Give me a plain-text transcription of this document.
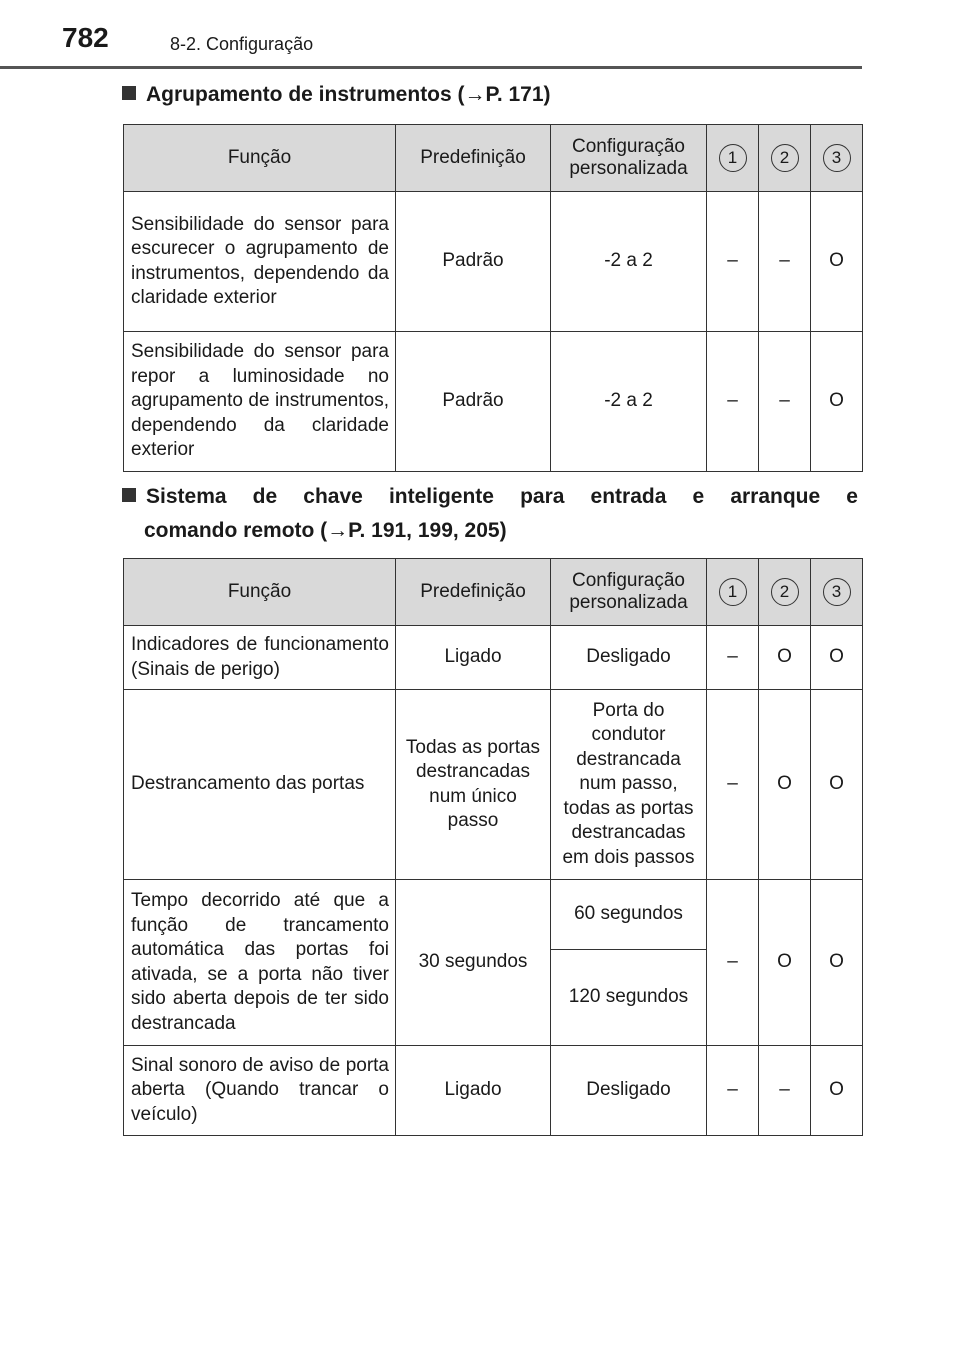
782	8-2. Configuração
Agrupamento de instrumentos (→P. 171)
Função	Predefinição	Configuração personalizada	1	2	3
Sensibilidade do sensor para escurecer o agrupamento de instrumentos, dependendo da claridade exterior	Padrão	-2 a 2	–	–	O
Sensibilidade do sensor para repor a luminosidade no agrupamento de instrumentos, dependendo da claridade exterior	Padrão	-2 a 2	–	–	O
Sistema de chave inteligente para entrada e arranque e
comando remoto (→P. 191, 199, 205)
Função	Predefinição	Configuração personalizada	1	2	3
Indicadores de funcionamento (Sinais de perigo)	Ligado	Desligado	–	O	O
Destrancamento das portas	Todas as portas destrancadas num único passo	Porta do condutor destrancada num passo, todas as portas destrancadas em dois passos	–	O	O
Tempo decorrido até que a função de trancamento automática das portas foi ativada, se a porta não tiver sido aberta depois de ter sido destrancada	30 segundos	60 segundos	–	O	O
		120 segundos			
Sinal sonoro de aviso de porta aberta (Quando trancar o veículo)	Ligado	Desligado	–	–	O
